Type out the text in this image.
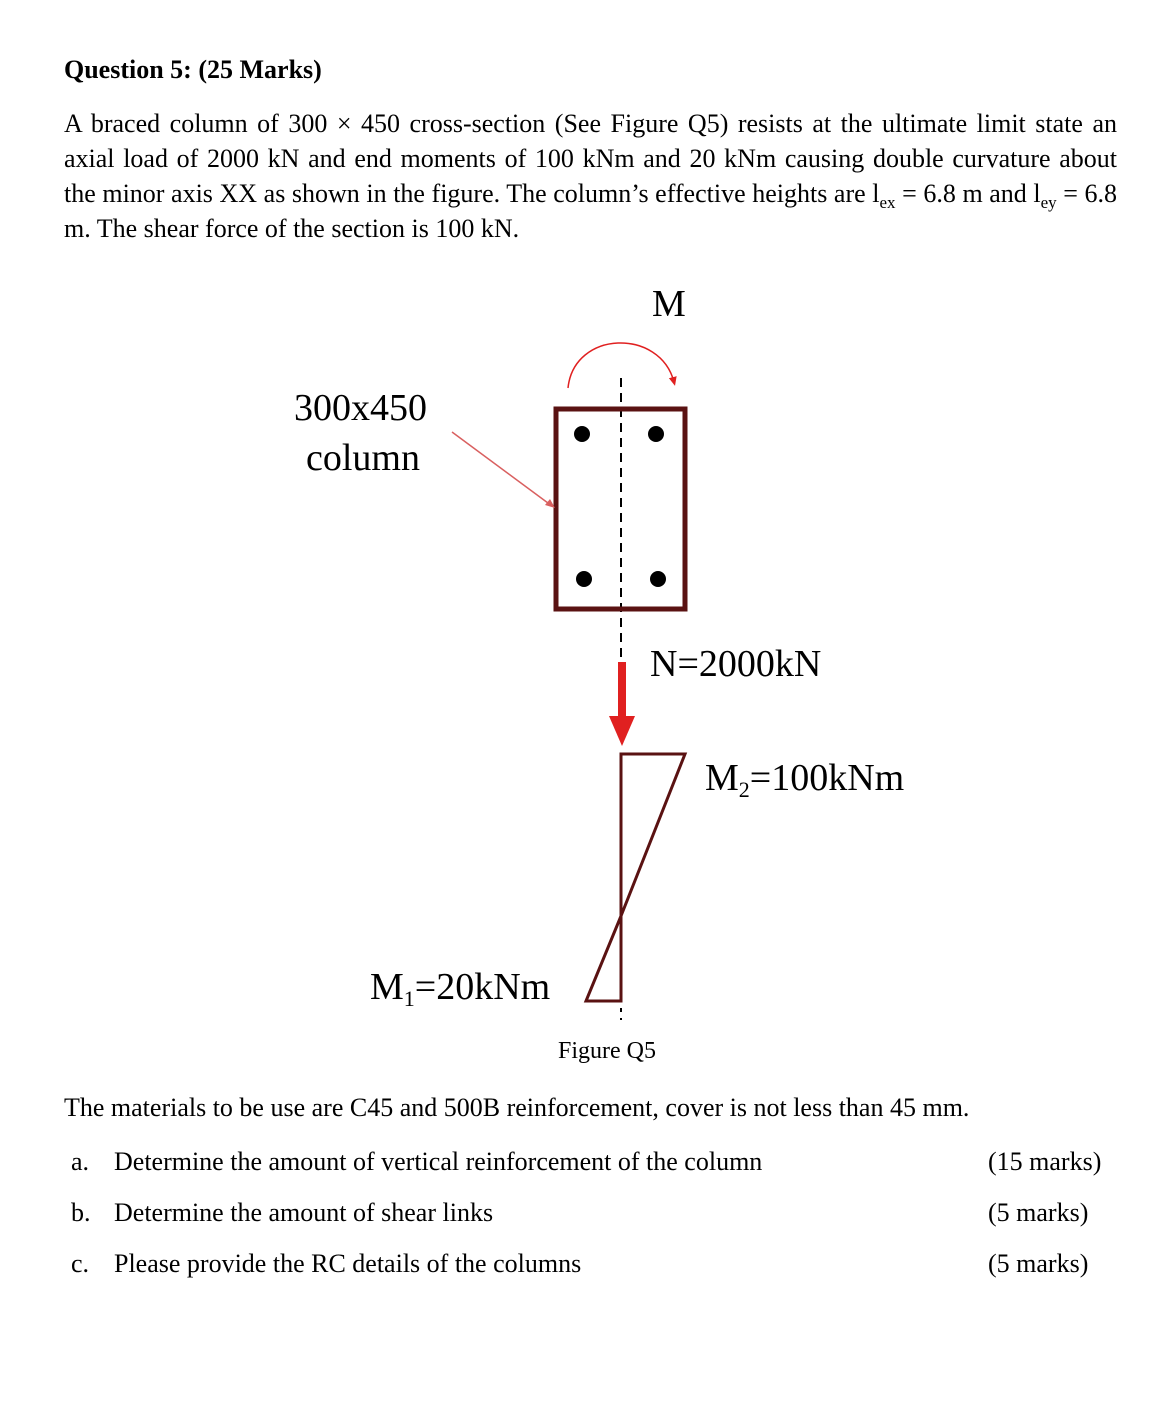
Question 5: (25 Marks)

A braced column of 300 × 450 cross-section (See Figure Q5) resists at the ultimate limit state an axial load of 2000 kN and end moments of 100 kNm and 20 kNm causing double curvature about the minor axis XX as shown in the figure. The column’s effective heights are $l_{ex} = 6.8$ m and $l_{ey} = 6.8$ m. The shear force of the section is 100 kN.

M
300x450
column
N=2000kN
M2=100kNm
M1=20kNm
Figure Q5

The materials to be use are C45 and 500B reinforcement, cover is not less than 45 mm.

a. Determine the amount of vertical reinforcement of the column	(15 marks)
b. Determine the amount of shear links	(5 marks)
c. Please provide the RC details of the columns	(5 marks)
